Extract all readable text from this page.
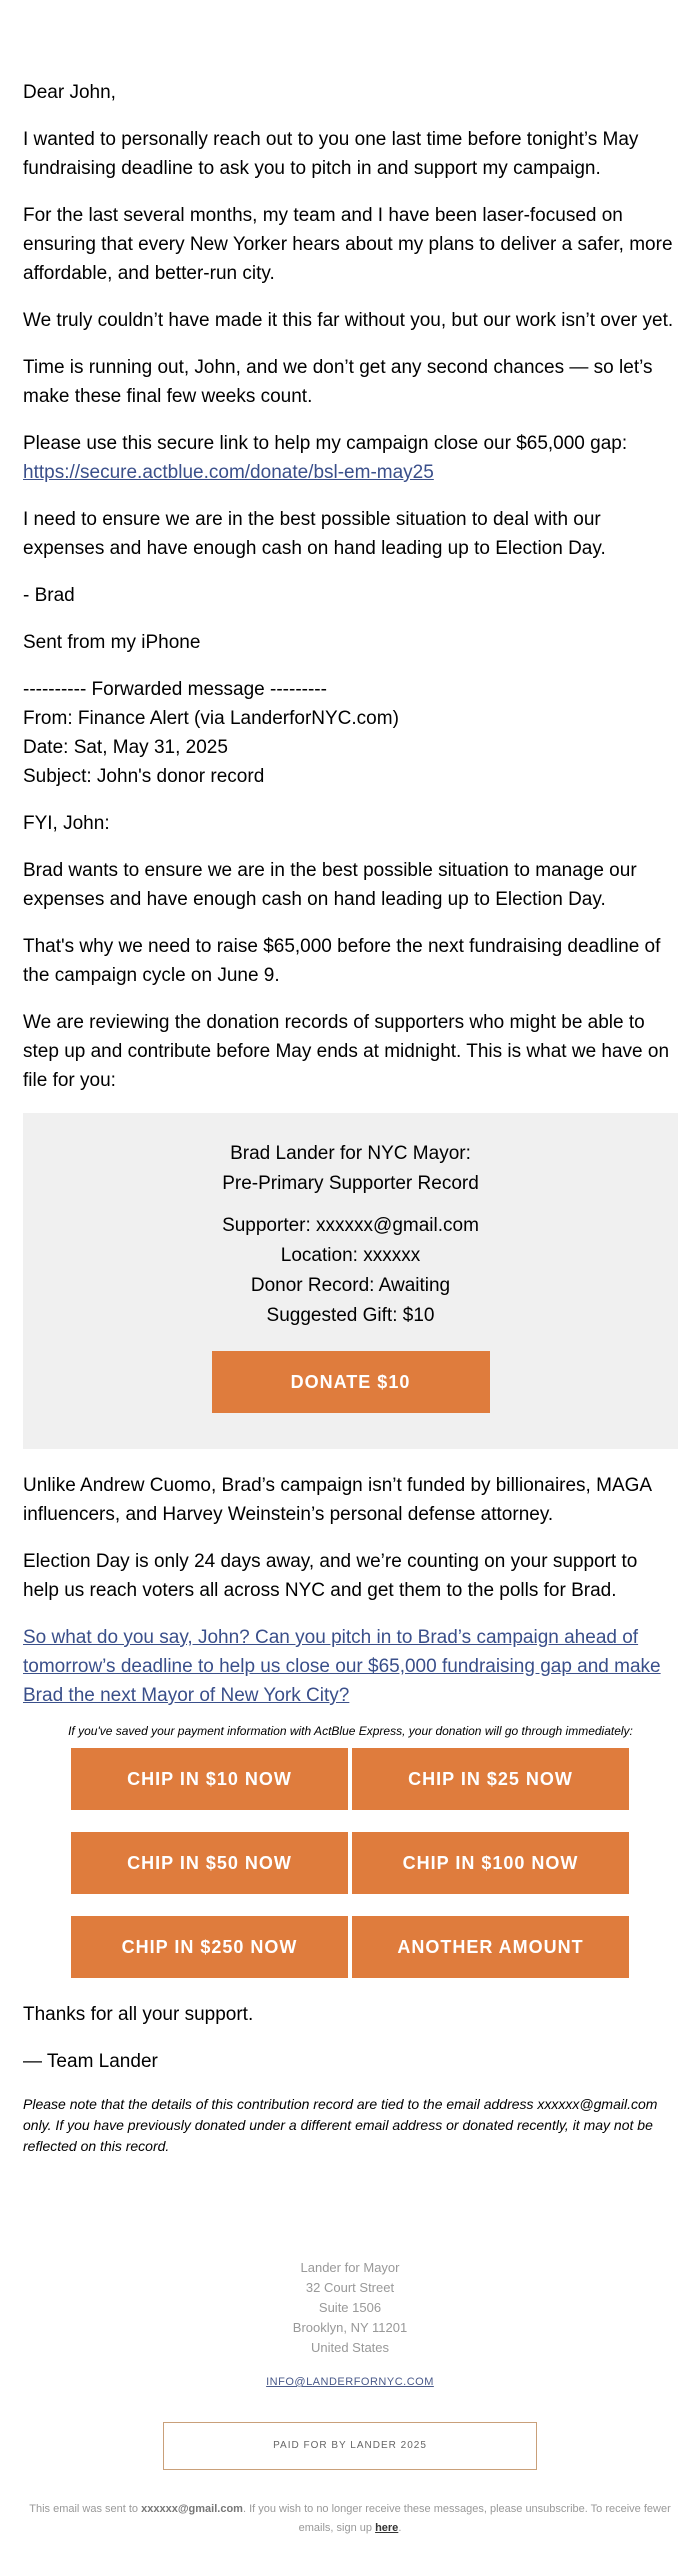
Dear John,

I wanted to personally reach out to you one last time before tonight’s May fundraising deadline to ask you to pitch in and support my campaign.

For the last several months, my team and I have been laser-focused on ensuring that every New Yorker hears about my plans to deliver a safer, more affordable, and better-run city.

We truly couldn’t have made it this far without you, but our work isn’t over yet.

Time is running out, John, and we don’t get any second chances — so let’s make these final few weeks count.

Please use this secure link to help my campaign close our $65,000 gap:
https://secure.actblue.com/donate/bsl-em-may25

I need to ensure we are in the best possible situation to deal with our expenses and have enough cash on hand leading up to Election Day.

- Brad

Sent from my iPhone

---------- Forwarded message ---------
From: Finance Alert (via LanderforNYC.com)
Date: Sat, May 31, 2025
Subject: John's donor record

FYI, John:

Brad wants to ensure we are in the best possible situation to manage our expenses and have enough cash on hand leading up to Election Day.

That's why we need to raise $65,000 before the next fundraising deadline of the campaign cycle on June 9.

We are reviewing the donation records of supporters who might be able to step up and contribute before May ends at midnight. This is what we have on file for you:

Brad Lander for NYC Mayor:
Pre-Primary Supporter Record
Supporter: xxxxxx@gmail.com
Location: xxxxxx
Donor Record: Awaiting
Suggested Gift: $10
DONATE $10

Unlike Andrew Cuomo, Brad’s campaign isn’t funded by billionaires, MAGA influencers, and Harvey Weinstein’s personal defense attorney.

Election Day is only 24 days away, and we’re counting on your support to help us reach voters all across NYC and get them to the polls for Brad.

So what do you say, John? Can you pitch in to Brad’s campaign ahead of tomorrow’s deadline to help us close our $65,000 fundraising gap and make Brad the next Mayor of New York City?

If you've saved your payment information with ActBlue Express, your donation will go through immediately:

CHIP IN $10 NOW	CHIP IN $25 NOW
CHIP IN $50 NOW	CHIP IN $100 NOW
CHIP IN $250 NOW	ANOTHER AMOUNT

Thanks for all your support.

— Team Lander

Please note that the details of this contribution record are tied to the email address xxxxxx@gmail.com only. If you have previously donated under a different email address or donated recently, it may not be reflected on this record.

Lander for Mayor
32 Court Street
Suite 1506
Brooklyn, NY 11201
United States
INFO@LANDERFORNYC.COM
PAID FOR BY LANDER 2025
This email was sent to xxxxxx@gmail.com. If you wish to no longer receive these messages, please unsubscribe. To receive fewer emails, sign up here.
